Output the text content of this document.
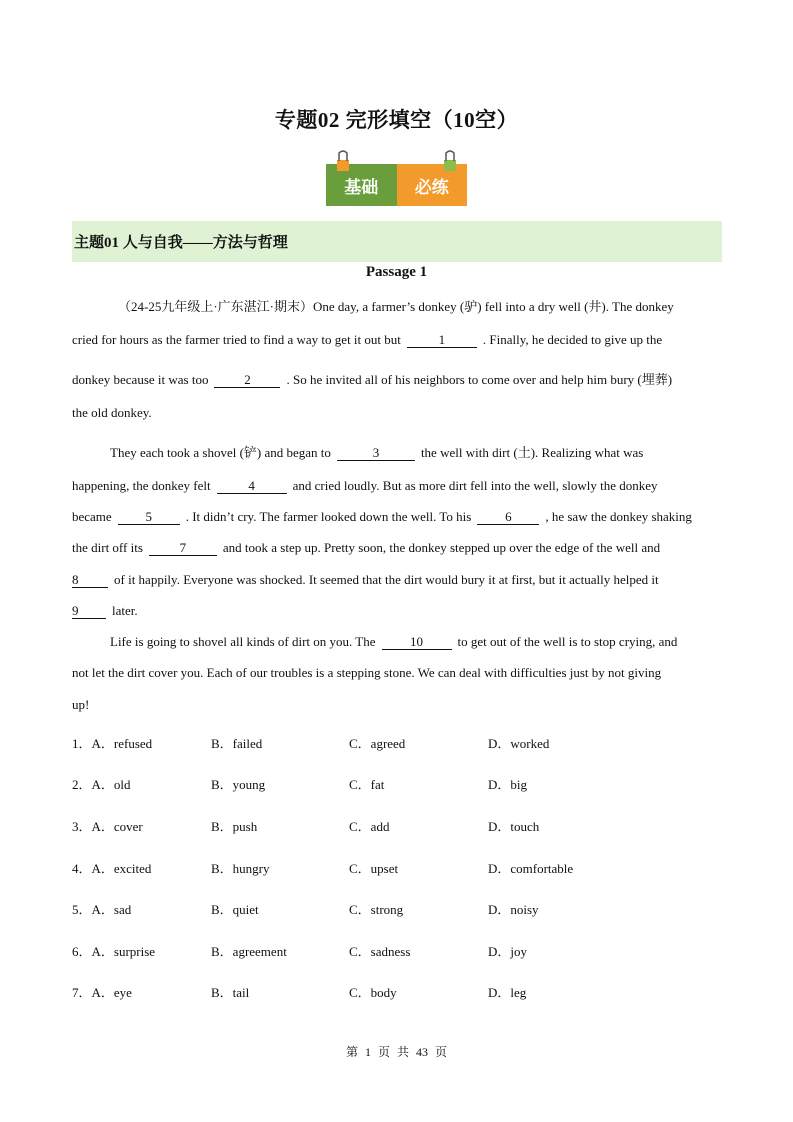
专题02 完形填空（10空）
基础	必练
主题01 人与自我——方法与哲理
Passage 1
（24-25九年级上·广东湛江·期末）One day, a farmer’s donkey (驴) fell into a dry well (井). The donkey
cried for hours as the farmer tried to find a way to get it out but	1	. Finally, he decided to give up the
donkey because it was too	2	. So he invited all of his neighbors to come over and help him bury (埋葬)
the old donkey.
They each took a shovel (铲) and began to	3	the well with dirt (土). Realizing what was
happening, the donkey felt	4	and cried loudly. But as more dirt fell into the well, slowly the donkey
became	5	. It didn’t cry. The farmer looked down the well. To his	6	, he saw the donkey shaking
the dirt off its	7	and took a step up. Pretty soon, the donkey stepped up over the edge of the well and
8	of it happily. Everyone was shocked. It seemed that the dirt would bury it at first, but it actually helped it
9	later.
Life is going to shovel all kinds of dirt on you. The	10	to get out of the well is to stop crying, and
not let the dirt cover you. Each of our troubles is a stepping stone. We can deal with difficulties just by not giving
up!
1．A．refused	B．failed	C．agreed	D．worked
2．A．old	B．young	C．fat	D．big
3．A．cover	B．push	C．add	D．touch
4．A．excited	B．hungry	C．upset	D．comfortable
5．A．sad	B．quiet	C．strong	D．noisy
6．A．surprise	B．agreement	C．sadness	D．joy
7．A．eye	B．tail	C．body	D．leg
第 1 页 共 43 页
